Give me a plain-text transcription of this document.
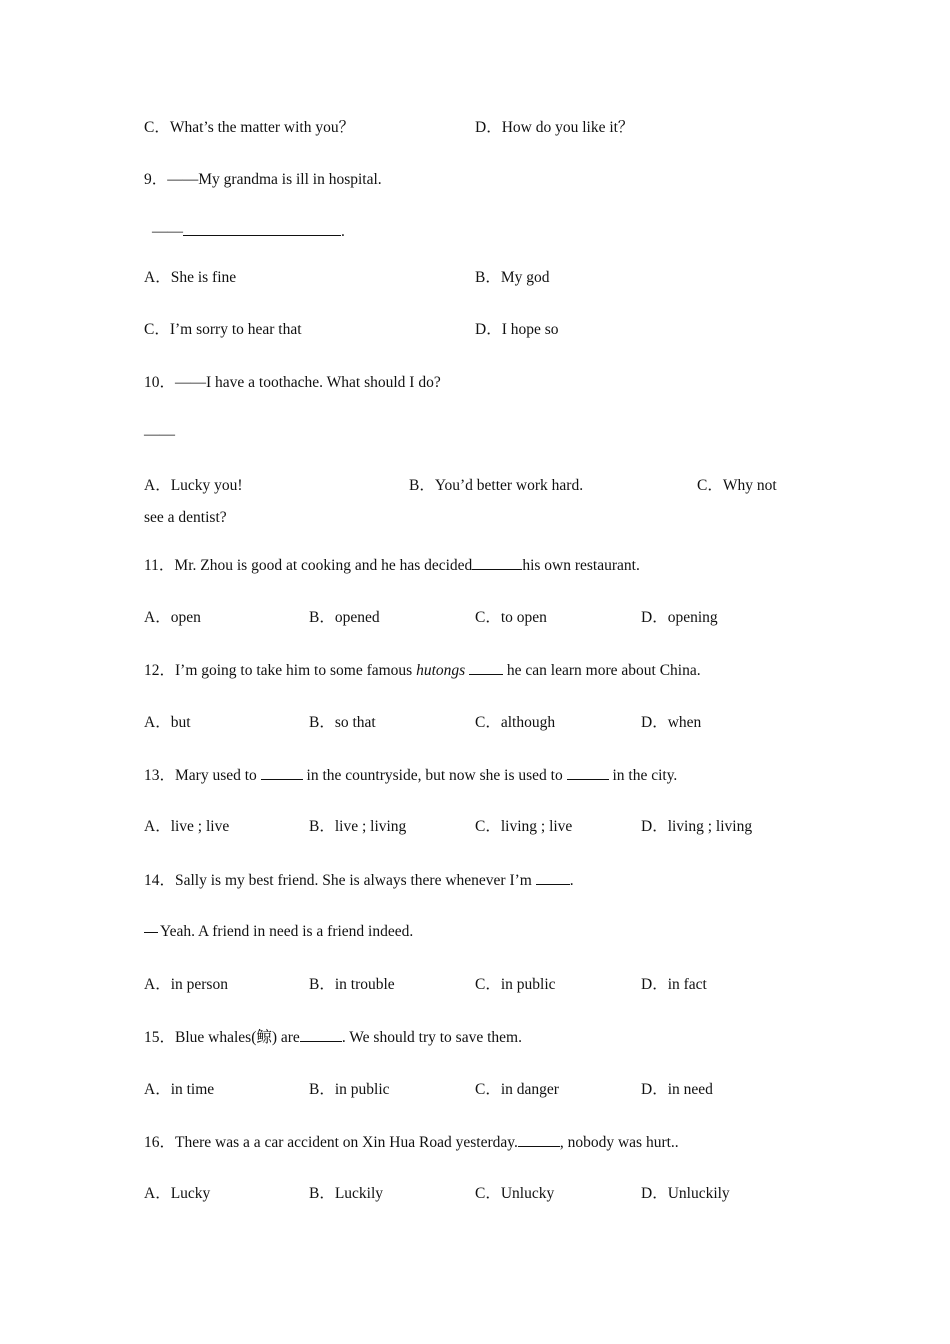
C．What’s the matter with you？	D．How do you like it？
9．——My grandma is ill in hospital.
——	.
A．She is fine	B．My god
C．I’m sorry to hear that	D．I hope so
10．——I have a toothache. What should I do?
——
A．Lucky you!	B．You’d better work hard.	C．Why not
see a dentist?
11．Mr. Zhou is good at cooking and he has decided	his own restaurant.
A．open	B．opened	C．to open	D．opening
12．I’m going to take him to some famous hutongs  he can learn more about China.
A．but	B．so that	C．although	D．when
13．Mary used to	in the countryside, but now she is used to	in the city.
A．live ; live	B．live ; living	C．living ; live	D．living ; living
14．Sally is my best friend. She is always there whenever I’m .
Yeah. A friend in need is a friend indeed.
A．in person	B．in trouble	C．in public	D．in fact
15．Blue whales(鲸) are	. We should try to save them.
A．in time	B．in public	C．in danger	D．in need
16．There was a a car accident on Xin Hua Road yesterday.	, nobody was hurt..
A．Lucky	B．Luckily	C．Unlucky	D．Unluckily
